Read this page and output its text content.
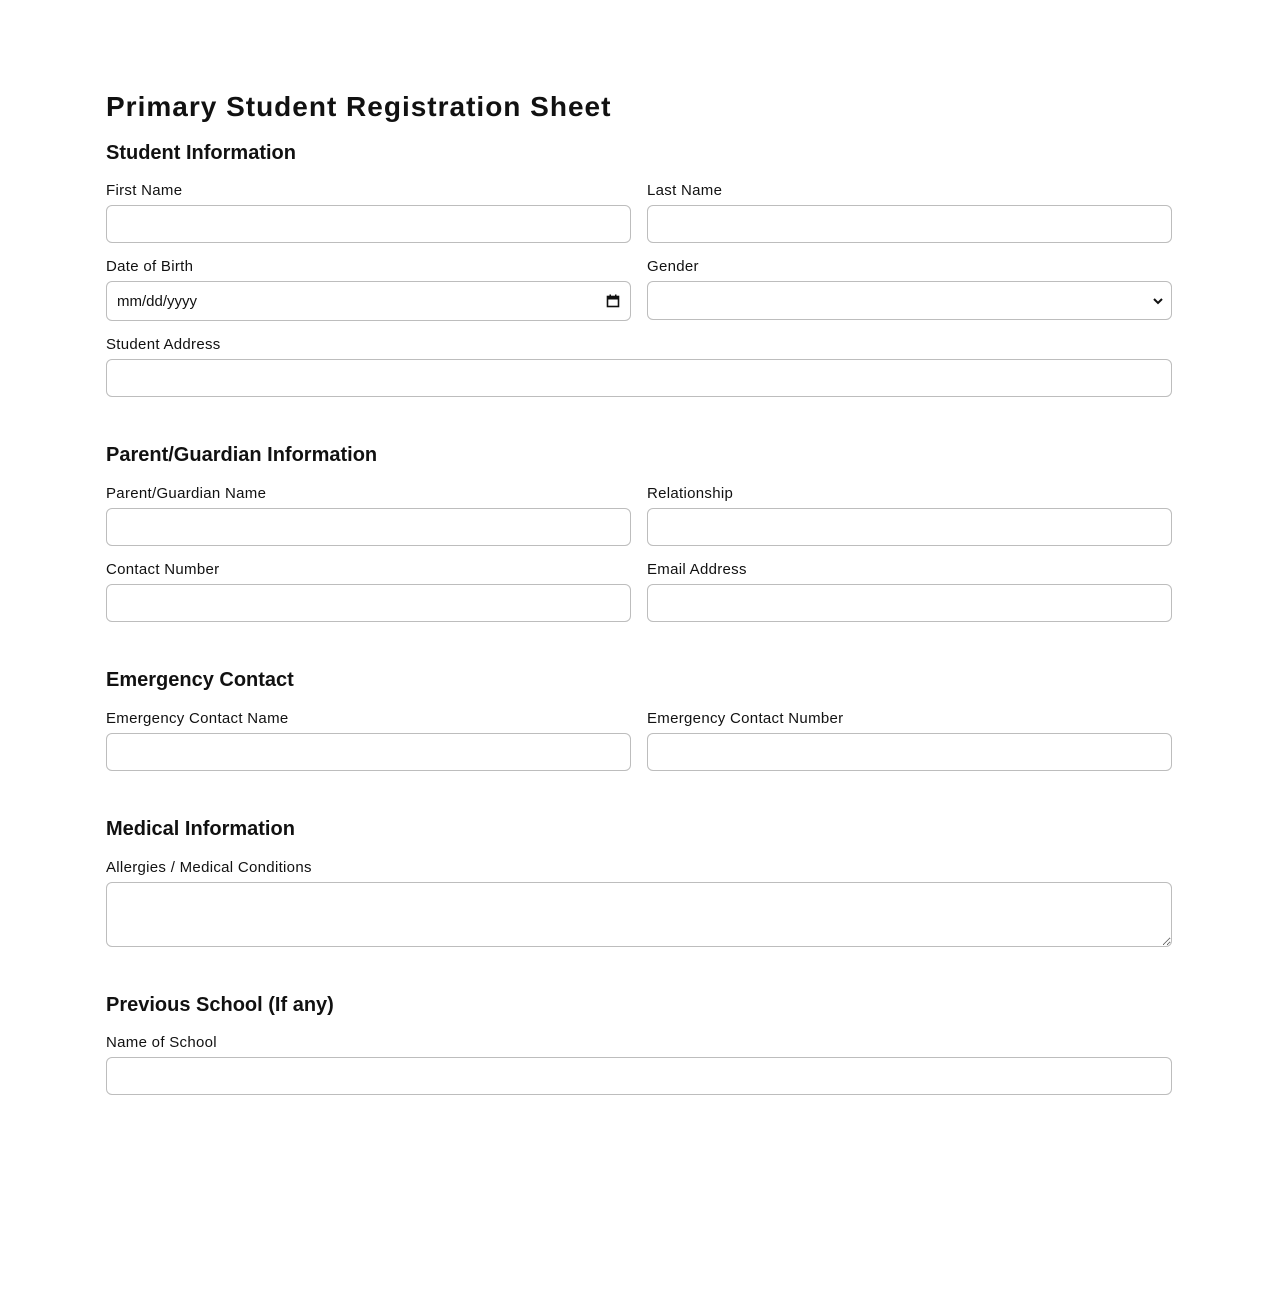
Primary Student Registration Sheet
Student Information
First Name	Last Name
Date of Birth	Gender
mm/dd/yyyy
Student Address
Parent/Guardian Information
Parent/Guardian Name	Relationship
Contact Number	Email Address
Emergency Contact
Emergency Contact Name	Emergency Contact Number
Medical Information
Allergies / Medical Conditions
Previous School (If any)
Name of School
